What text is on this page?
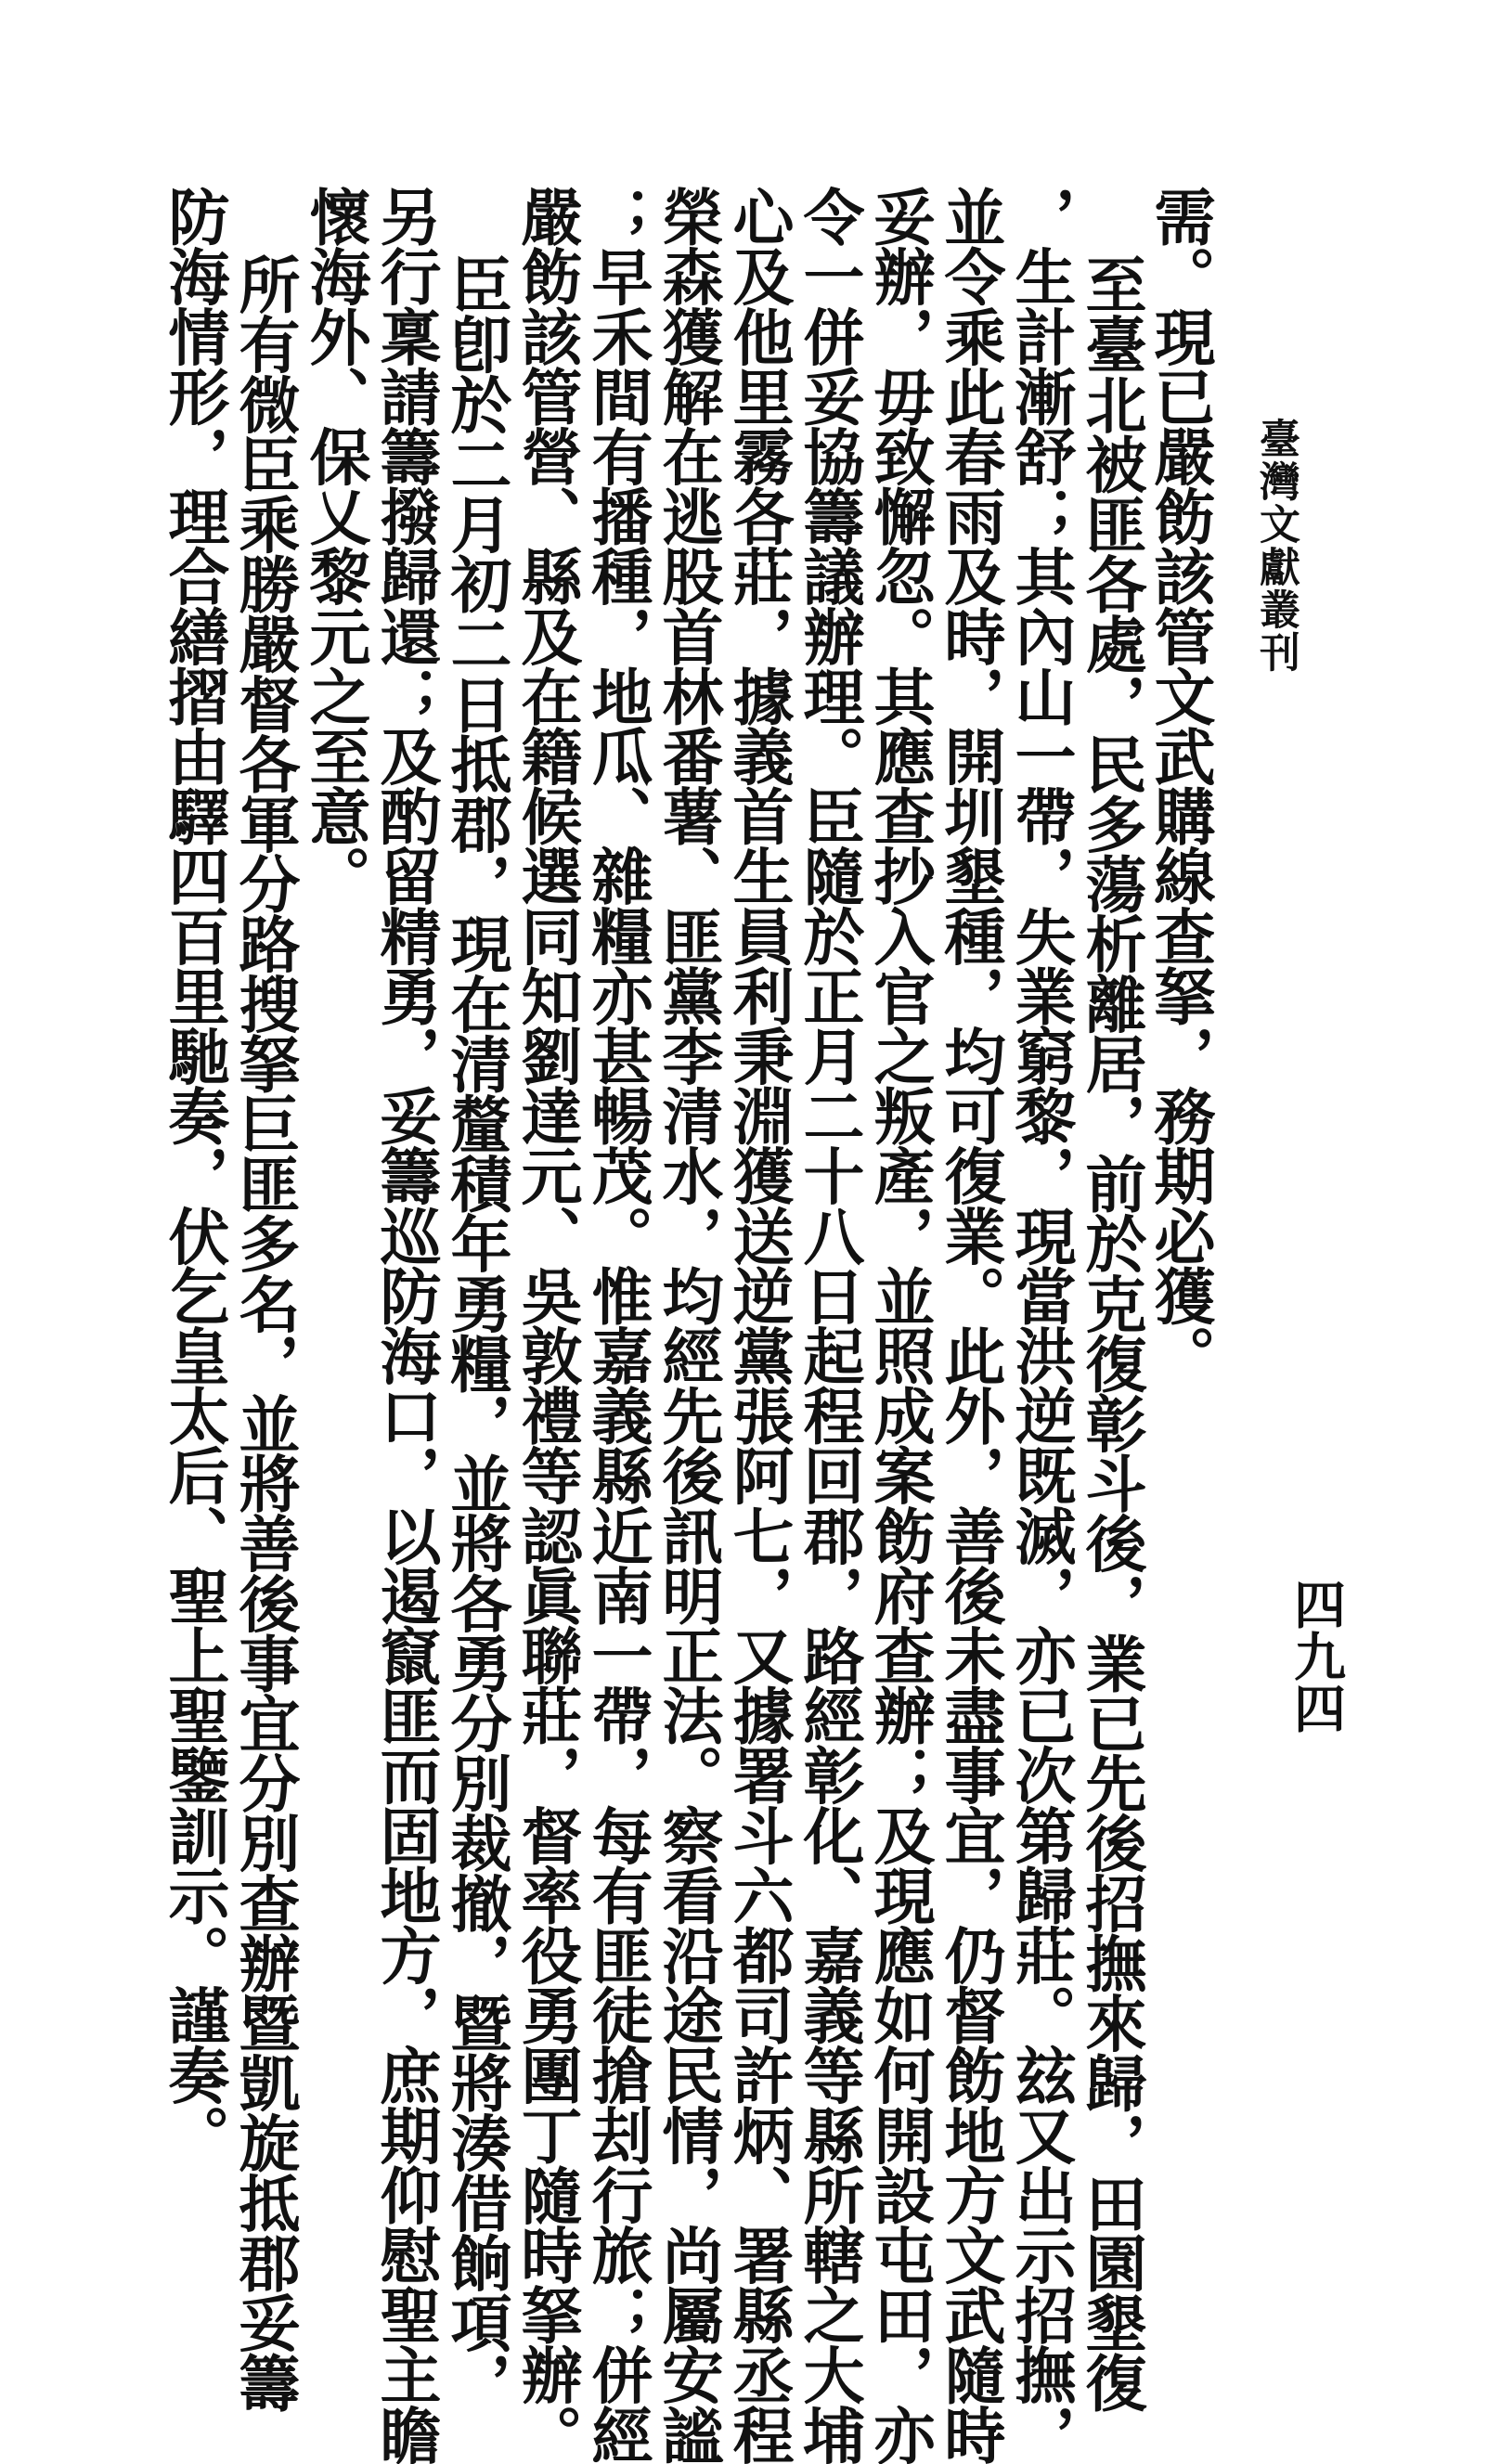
臺灣文獻叢刊
四九四
需。現已嚴飭該管文武購線查拏，務期必獲。
至臺北被匪各處，民多蕩析離居，前於克復彰斗後，業已先後招撫來歸，田園墾復
，生計漸舒；其內山一帶，失業窮黎，現當洪逆既滅，亦已次第歸莊。玆又出示招撫，
並令乘此春雨及時，開圳墾種，均可復業。此外，善後未盡事宜，仍督飭地方文武隨時
妥辦，毋致懈忽。其應查抄入官之叛產，並照成案飭府查辦；及現應如何開設屯田，亦
令一併妥協籌議辦理。臣隨於正月二十八日起程回郡，路經彰化、嘉義等縣所轄之大埔
心及他里霧各莊，據義首生員利秉淵獲送逆黨張阿七，又據署斗六都司許炳、署縣丞程
榮森獲解在逃股首林番薯、匪黨李清水，均經先後訊明正法。察看沿途民情，尚屬安謐
；早禾間有播種，地瓜、雜糧亦甚暢茂。惟嘉義縣近南一帶，每有匪徒搶刦行旅；併經
嚴飭該管營、縣及在籍候選同知劉達元、吳敦禮等認眞聯莊，督率役勇團丁隨時拏辦。
臣卽於二月初二日抵郡，現在清釐積年勇糧，並將各勇分別裁撤，暨將湊借餉項，
另行稟請籌撥歸還；及酌留精勇，妥籌巡防海口，以遏竄匪而固地方，庶期仰慰聖主瞻
懷海外、保乂黎元之至意。
所有微臣乘勝嚴督各軍分路搜拏巨匪多名，並將善後事宜分別查辦暨凱旋抵郡妥籌
防海情形，理合繕摺由驛四百里馳奏，伏乞皇太后、聖上聖鑒訓示。謹奏。
